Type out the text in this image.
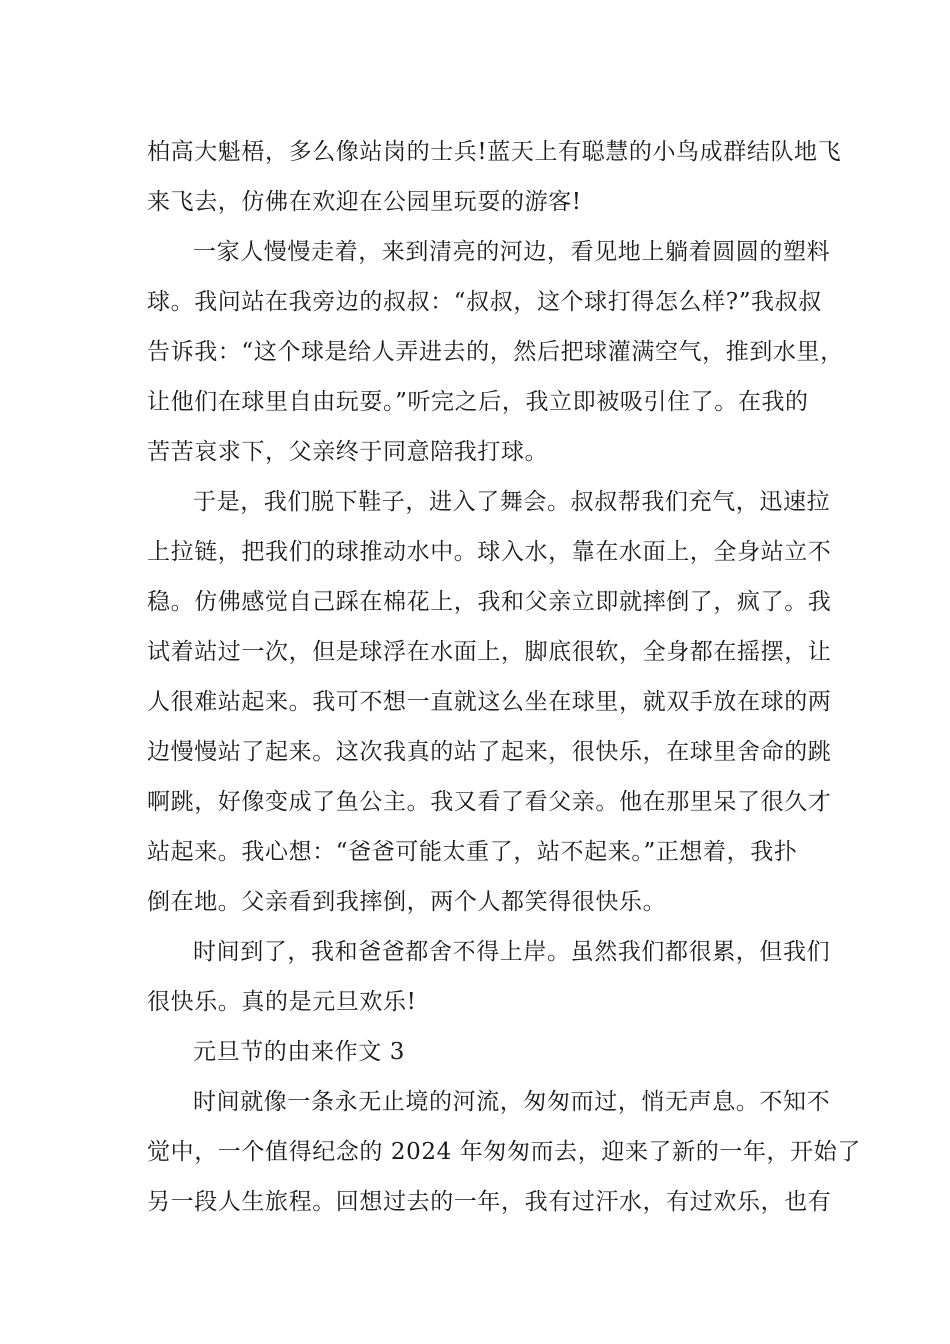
柏高大魁梧，多么像站岗的士兵!蓝天上有聪慧的小鸟成群结队地飞

来飞去，仿佛在欢迎在公园里玩耍的游客!

一家人慢慢走着，来到清亮的河边，看见地上躺着圆圆的塑料

球。我问站在我旁边的叔叔：“叔叔，这个球打得怎么样?”我叔叔

告诉我：“这个球是给人弄进去的，然后把球灌满空气，推到水里，

让他们在球里自由玩耍。”听完之后，我立即被吸引住了。在我的

苦苦哀求下，父亲终于同意陪我打球。

于是，我们脱下鞋子，进入了舞会。叔叔帮我们充气，迅速拉

上拉链，把我们的球推动水中。球入水，靠在水面上，全身站立不

稳。仿佛感觉自己踩在棉花上，我和父亲立即就摔倒了，疯了。我

试着站过一次，但是球浮在水面上，脚底很软，全身都在摇摆，让

人很难站起来。我可不想一直就这么坐在球里，就双手放在球的两

边慢慢站了起来。这次我真的站了起来，很快乐，在球里舍命的跳

啊跳，好像变成了鱼公主。我又看了看父亲。他在那里呆了很久才

站起来。我心想：“爸爸可能太重了，站不起来。”正想着，我扑

倒在地。父亲看到我摔倒，两个人都笑得很快乐。

时间到了，我和爸爸都舍不得上岸。虽然我们都很累，但我们

很快乐。真的是元旦欢乐!

元旦节的由来作文 3

时间就像一条永无止境的河流，匆匆而过，悄无声息。不知不

觉中，一个值得纪念的 2024 年匆匆而去，迎来了新的一年，开始了

另一段人生旅程。回想过去的一年，我有过汗水，有过欢乐，也有
